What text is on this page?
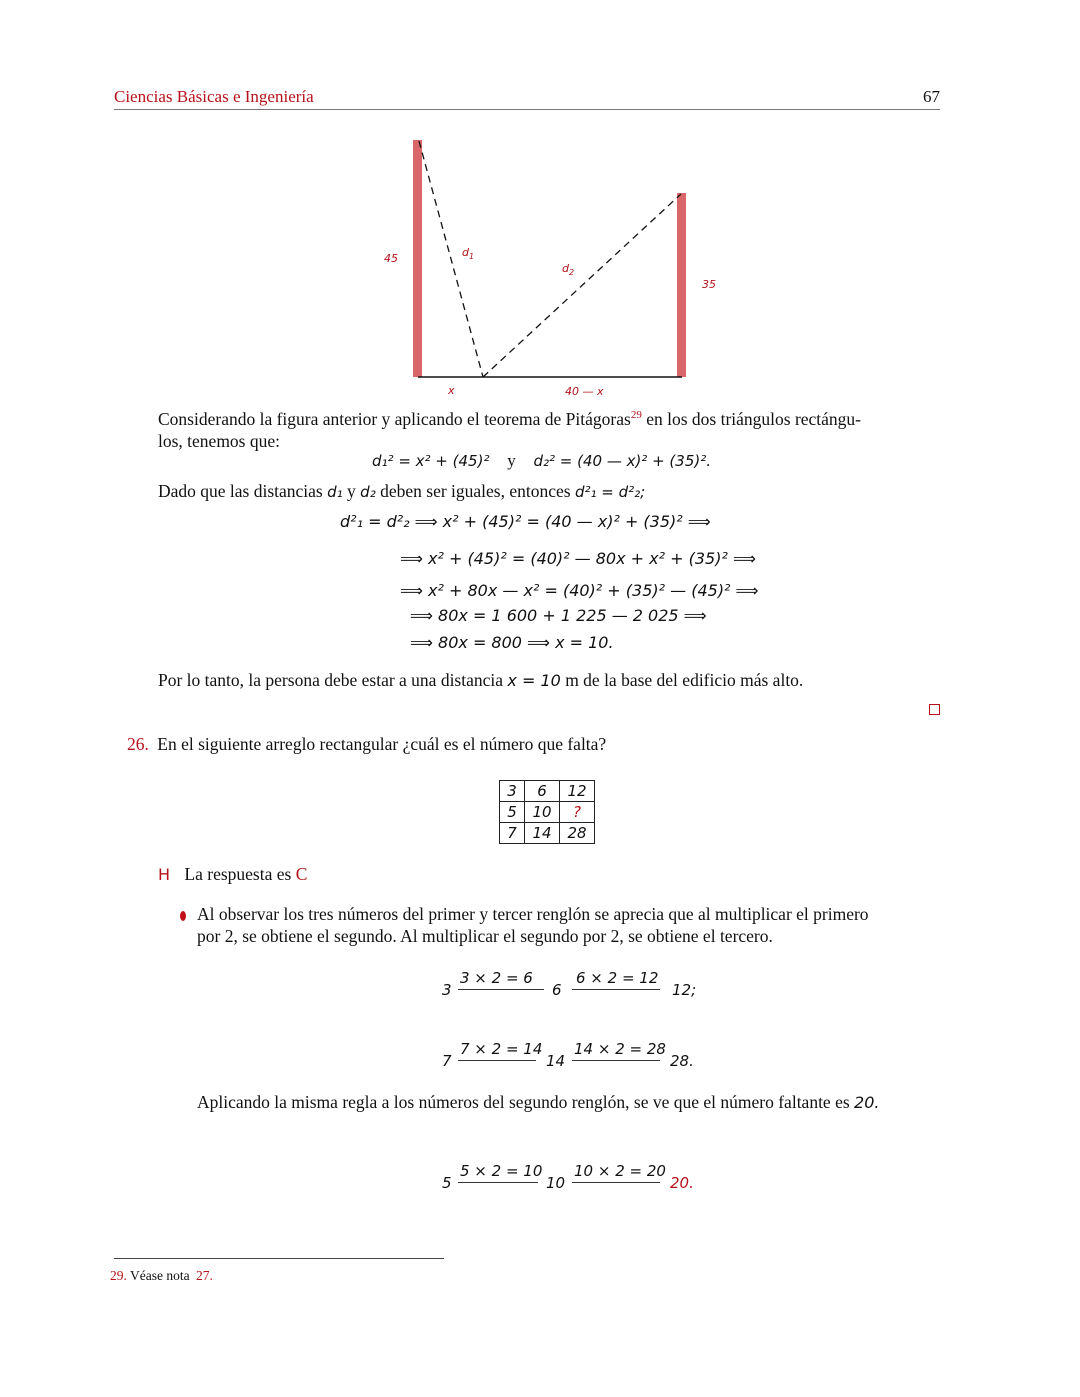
Ciencias Básicas e Ingeniería	67
45	$d_1$
$d_2$
35
x	40 — x
Considerando la figura anterior y aplicando el teorema de Pitágoras$^{29}$ en los dos triángulos rectángu-
los, tenemos que:
d₁² = x² + (45)² y d₂² = (40 — x)² + (35)².
Dado que las distancias d₁ y d₂ deben ser iguales, entonces d²₁ = d²₂;
d²₁ = d²₂ ⟹ x² + (45)² = (40 — x)² + (35)² ⟹
⟹ x² + (45)² = (40)² — 80x + x² + (35)² ⟹
⟹ x² + 80x — x² = (40)² + (35)² — (45)² ⟹
⟹ 80x = 1 600 + 1 225 — 2 025 ⟹
⟹ 80x = 800 ⟹ x = 10.
Por lo tanto, la persona debe estar a una distancia x = 10 m de la base del edificio más alto.
26. En el siguiente arreglo rectangular ¿cuál es el número que falta?
3	6	12
5	10	?
7	14	28
H La respuesta es C
Al observar los tres números del primer y tercer renglón se aprecia que al multiplicar el primero
por 2, se obtiene el segundo. Al multiplicar el segundo por 2, se obtiene el tercero.
3
3 × 2 = 6
6
6 × 2 = 12
12;
7
7 × 2 = 14
14
14 × 2 = 28
28.
Aplicando la misma regla a los números del segundo renglón, se ve que el número faltante es 20.
5
5 × 2 = 10
10
10 × 2 = 20
20.
29. Véase nota 27.
